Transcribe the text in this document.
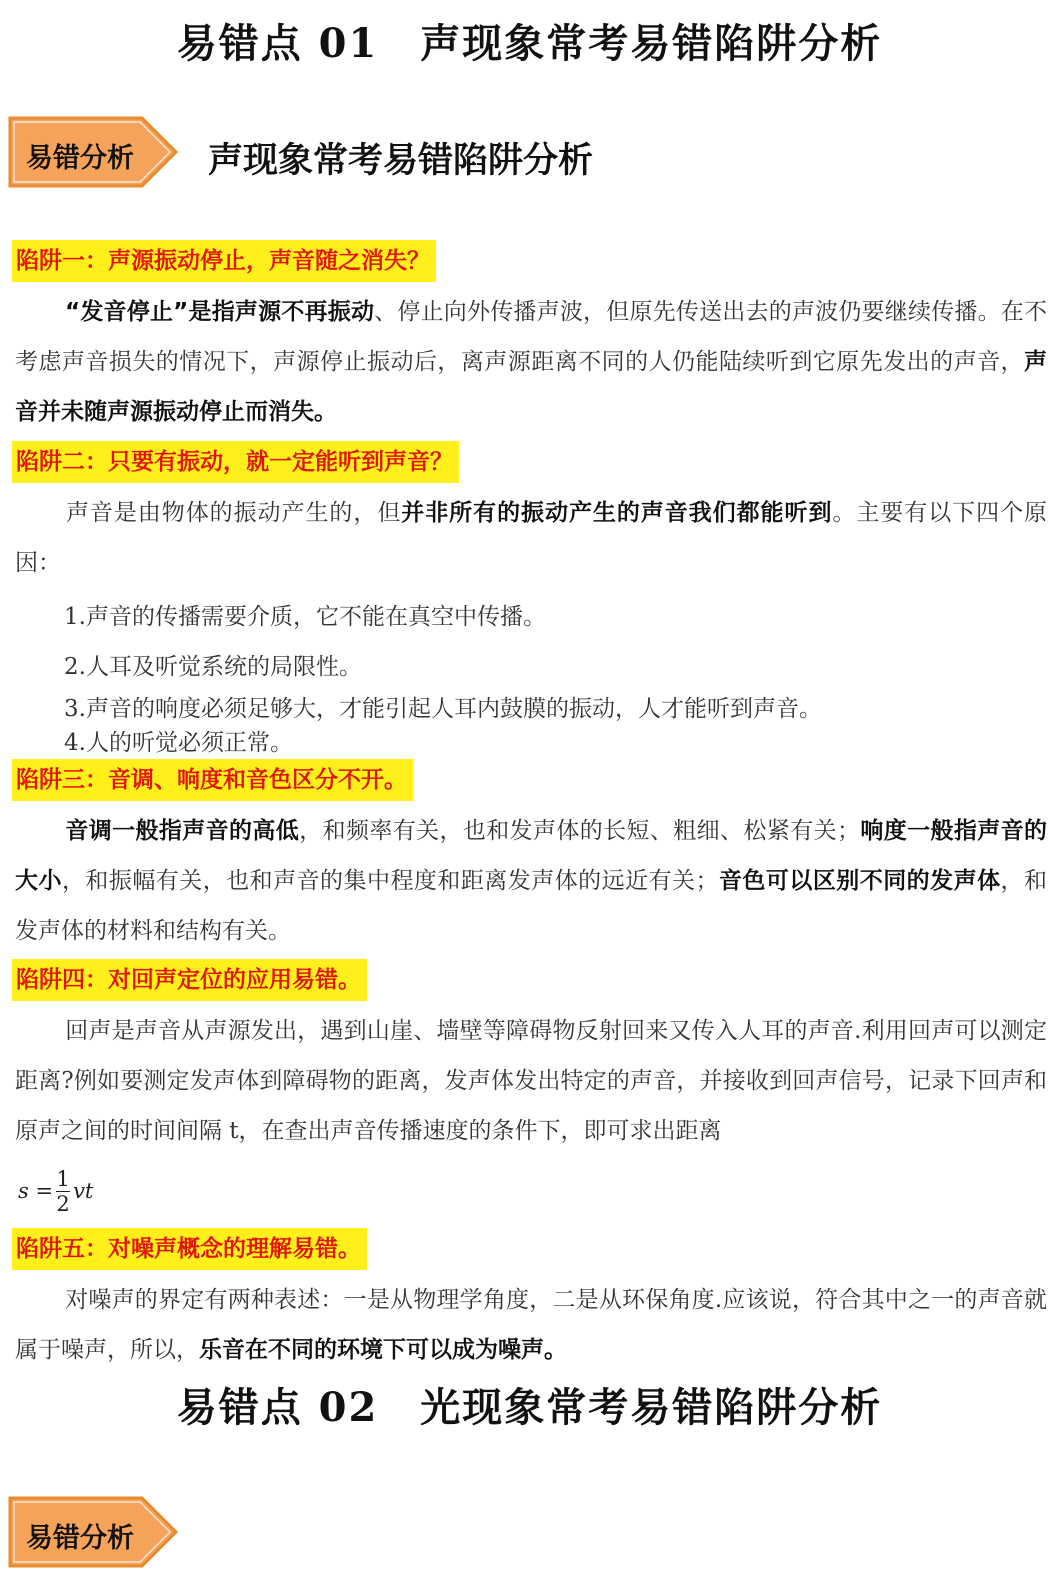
易错点 01　声现象常考易错陷阱分析
易错分析 声现象常考易错陷阱分析
陷阱一：声源振动停止，声音随之消失？
“发音停止”是指声源不再振动、停止向外传播声波，但原先传送出去的声波仍要继续传播。在不考虑声音损失的情况下，声源停止振动后，离声源距离不同的人仍能陆续听到它原先发出的声音，声音并未随声源振动停止而消失。
陷阱二：只要有振动，就一定能听到声音？
声音是由物体的振动产生的，但并非所有的振动产生的声音我们都能听到。主要有以下四个原因：
1.声音的传播需要介质，它不能在真空中传播。
2.人耳及听觉系统的局限性。
3.声音的响度必须足够大，才能引起人耳内鼓膜的振动，人才能听到声音。
4.人的听觉必须正常。
陷阱三：音调、响度和音色区分不开。
音调一般指声音的高低，和频率有关，也和发声体的长短、粗细、松紧有关；响度一般指声音的大小，和振幅有关，也和声音的集中程度和距离发声体的远近有关；音色可以区别不同的发声体，和发声体的材料和结构有关。
陷阱四：对回声定位的应用易错。
回声是声音从声源发出，遇到山崖、墙壁等障碍物反射回来又传入人耳的声音.利用回声可以测定距离?例如要测定发声体到障碍物的距离，发声体发出特定的声音，并接收到回声信号，记录下回声和原声之间的时间间隔 t，在查出声音传播速度的条件下，即可求出距离
$s = \frac{1}{2}$ vt
陷阱五：对噪声概念的理解易错。
对噪声的界定有两种表述：一是从物理学角度，二是从环保角度.应该说，符合其中之一的声音就属于噪声，所以，乐音在不同的环境下可以成为噪声。
易错点 02　光现象常考易错陷阱分析
易错分析
